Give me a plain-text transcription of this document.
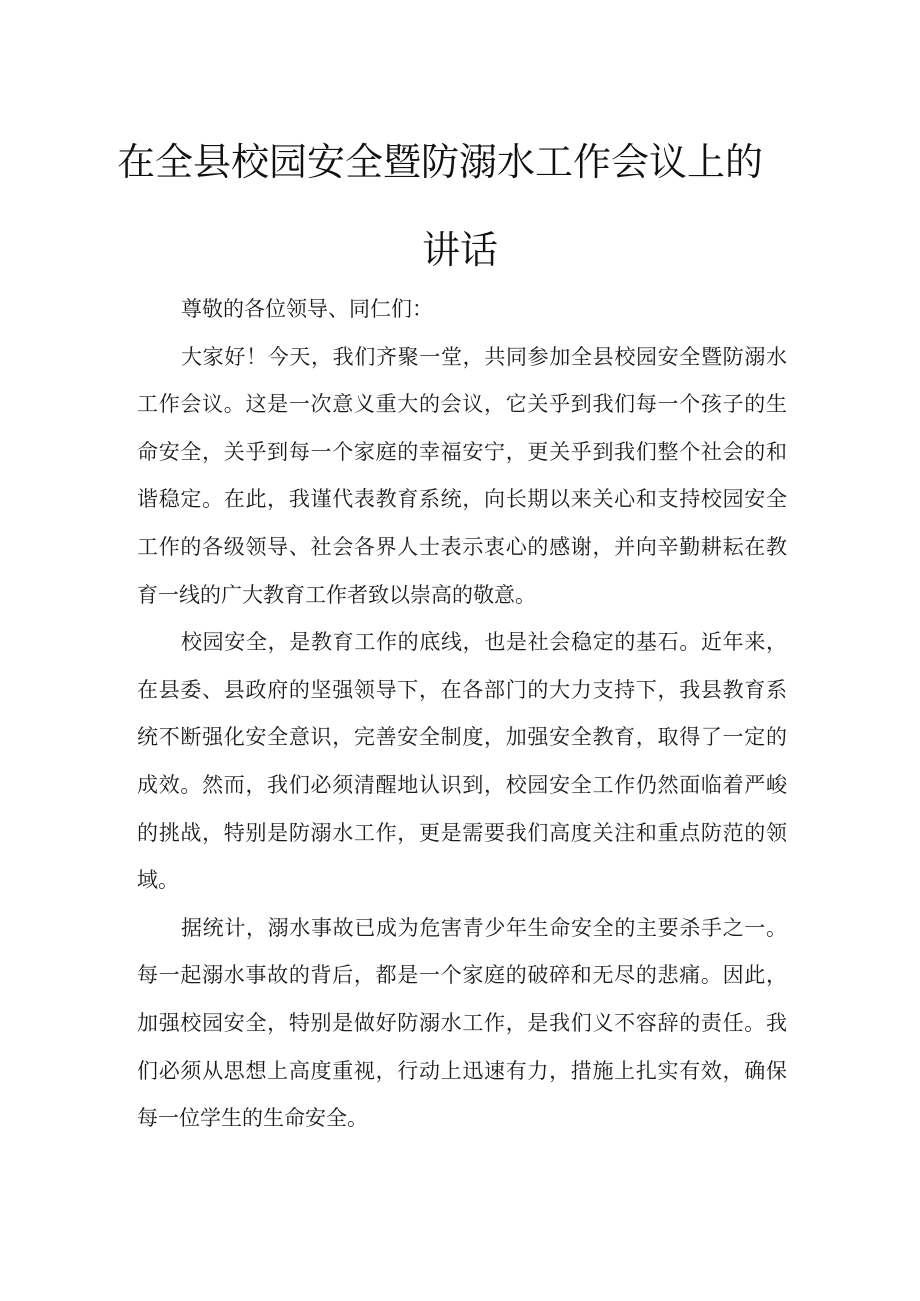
在全县校园安全暨防溺水工作会议上的
讲话

尊敬的各位领导、同仁们：

大家好！今天，我们齐聚一堂，共同参加全县校园安全暨防溺水工作会议。这是一次意义重大的会议，它关乎到我们每一个孩子的生命安全，关乎到每一个家庭的幸福安宁，更关乎到我们整个社会的和谐稳定。在此，我谨代表教育系统，向长期以来关心和支持校园安全工作的各级领导、社会各界人士表示衷心的感谢，并向辛勤耕耘在教育一线的广大教育工作者致以崇高的敬意。

校园安全，是教育工作的底线，也是社会稳定的基石。近年来，在县委、县政府的坚强领导下，在各部门的大力支持下，我县教育系统不断强化安全意识，完善安全制度，加强安全教育，取得了一定的成效。然而，我们必须清醒地认识到，校园安全工作仍然面临着严峻的挑战，特别是防溺水工作，更是需要我们高度关注和重点防范的领域。

据统计，溺水事故已成为危害青少年生命安全的主要杀手之一。每一起溺水事故的背后，都是一个家庭的破碎和无尽的悲痛。因此，加强校园安全，特别是做好防溺水工作，是我们义不容辞的责任。我们必须从思想上高度重视，行动上迅速有力，措施上扎实有效，确保每一位学生的生命安全。
